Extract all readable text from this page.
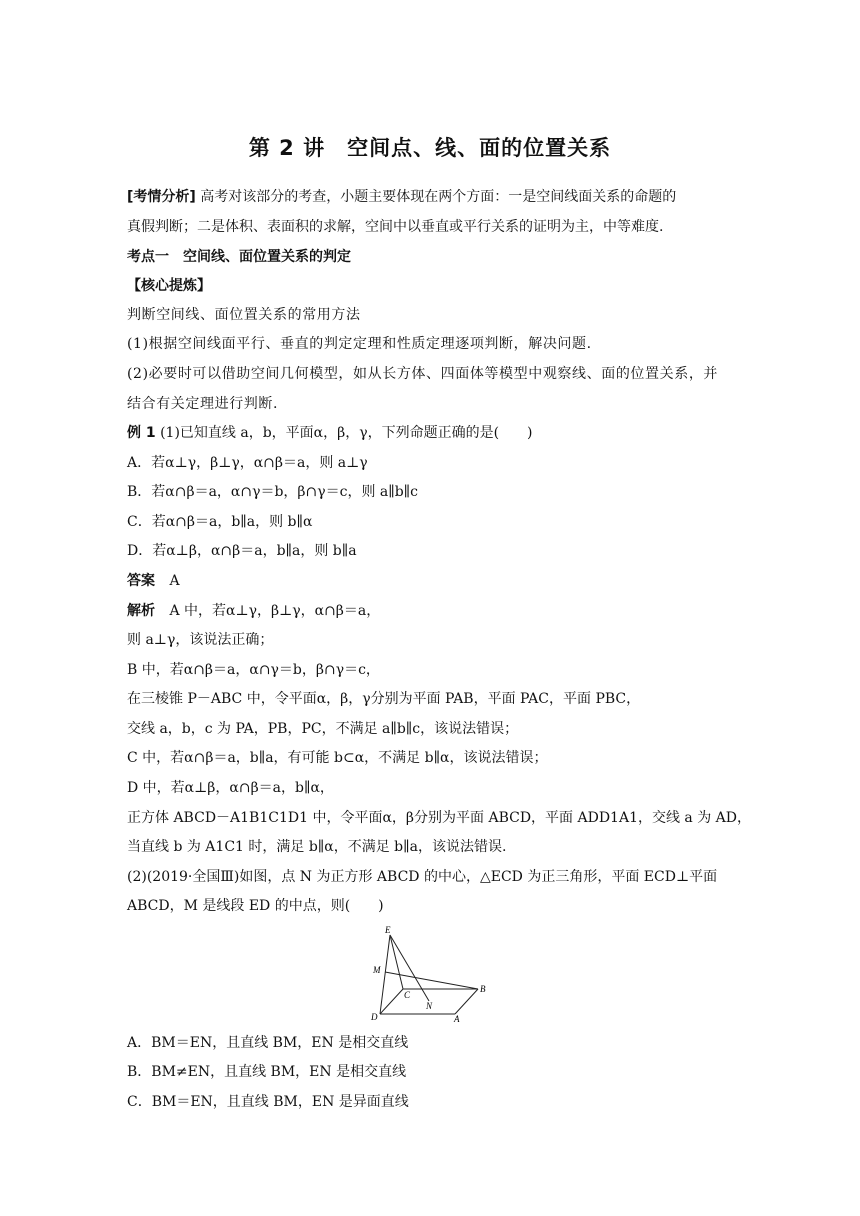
第 2 讲　空间点、线、面的位置关系

[考情分析] 高考对该部分的考查，小题主要体现在两个方面：一是空间线面关系的命题的

真假判断；二是体积、表面积的求解，空间中以垂直或平行关系的证明为主，中等难度.

考点一　空间线、面位置关系的判定

【核心提炼】

判断空间线、面位置关系的常用方法

(1)根据空间线面平行、垂直的判定定理和性质定理逐项判断，解决问题.

(2)必要时可以借助空间几何模型，如从长方体、四面体等模型中观察线、面的位置关系，并

结合有关定理进行判断.

例 1 (1)已知直线 a，b，平面α，β，γ，下列命题正确的是(　　)

A．若α⊥γ，β⊥γ，α∩β＝a，则 a⊥γ

B．若α∩β＝a，α∩γ＝b，β∩γ＝c，则 a∥b∥c

C．若α∩β＝a，b∥a，则 b∥α

D．若α⊥β，α∩β＝a，b∥a，则 b∥a

答案 A

解析 A 中，若α⊥γ，β⊥γ，α∩β＝a，

则 a⊥γ，该说法正确；

B 中，若α∩β＝a，α∩γ＝b，β∩γ＝c，

在三棱锥 P－ABC 中，令平面α，β，γ分别为平面 PAB，平面 PAC，平面 PBC，

交线 a，b，c 为 PA，PB，PC，不满足 a∥b∥c，该说法错误；

C 中，若α∩β＝a，b∥a，有可能 b⊂α，不满足 b∥α，该说法错误；

D 中，若α⊥β，α∩β＝a，b∥α，

正方体 ABCD－A1B1C1D1 中，令平面α，β分别为平面 ABCD，平面 ADD1A1，交线 a 为 AD，

当直线 b 为 A1C1 时，满足 b∥α，不满足 b∥a，该说法错误.

(2)(2019·全国Ⅲ)如图，点 N 为正方形 ABCD 的中心，△ECD 为正三角形，平面 ECD⊥平面

ABCD，M 是线段 ED 的中点，则(　　)

E
M
C
N
B
D	A

A．BM＝EN，且直线 BM，EN 是相交直线

B．BM≠EN，且直线 BM，EN 是相交直线

C．BM＝EN，且直线 BM，EN 是异面直线
